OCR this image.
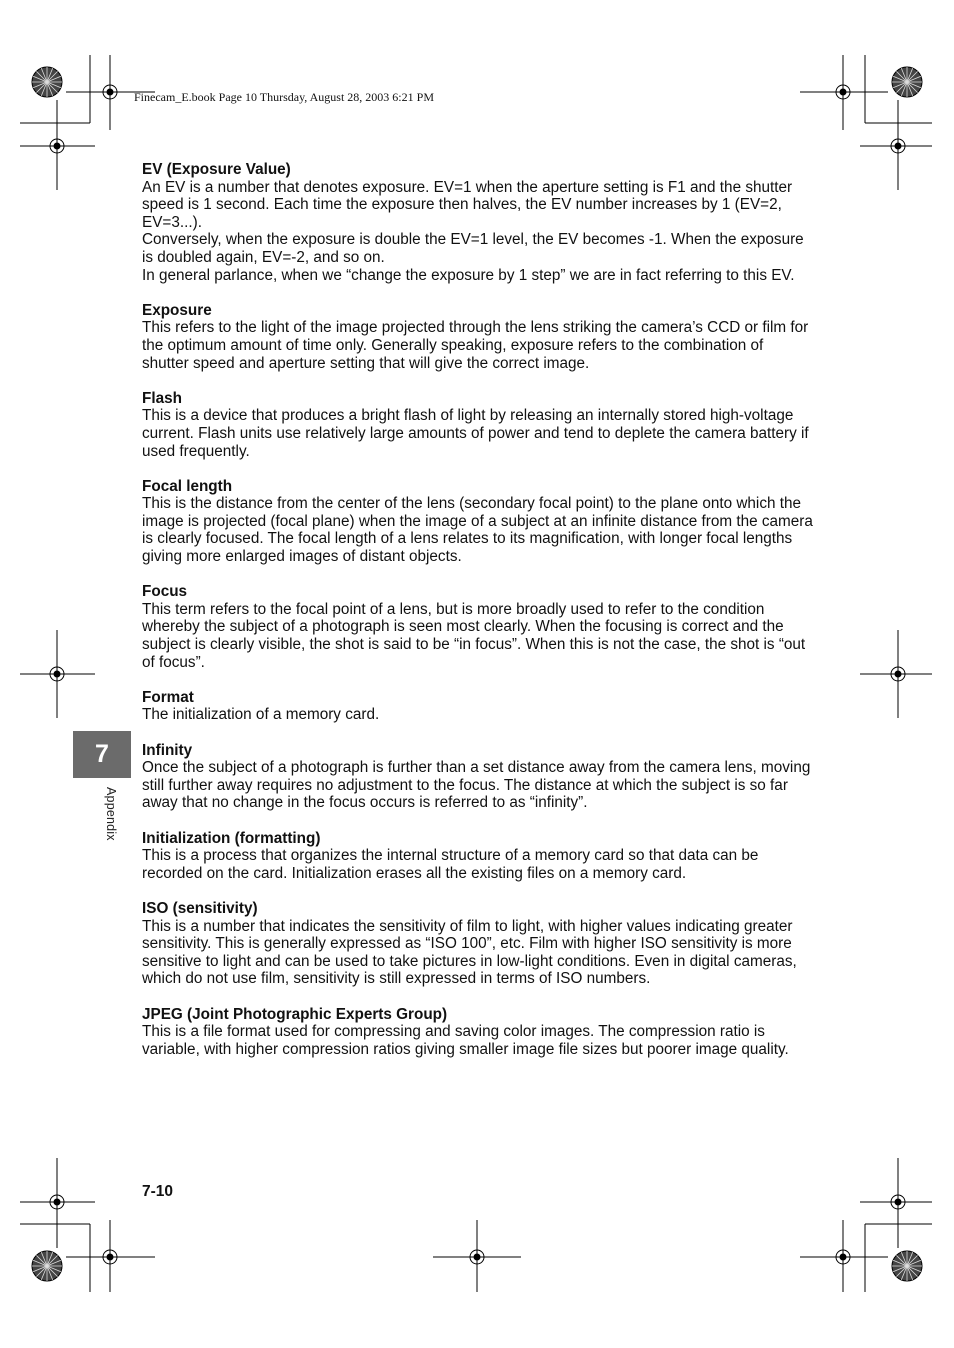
Finecam_E.book Page 10 Thursday, August 28, 2003 6:21 PM
7
Appendix
EV (Exposure Value)

An EV is a number that denotes exposure. EV=1 when the aperture setting is F1 and the shutter speed is 1 second. Each time the exposure then halves, the EV number increases by 1 (EV=2, EV=3...).

Conversely, when the exposure is double the EV=1 level, the EV becomes -1. When the exposure is doubled again, EV=-2, and so on.

In general parlance, when we “change the exposure by 1 step” we are in fact referring to this EV.

Exposure

This refers to the light of the image projected through the lens striking the camera’s CCD or film for the optimum amount of time only. Generally speaking, exposure refers to the combination of shutter speed and aperture setting that will give the correct image.

Flash

This is a device that produces a bright flash of light by releasing an internally stored high-voltage current. Flash units use relatively large amounts of power and tend to deplete the camera battery if used frequently.

Focal length

This is the distance from the center of the lens (secondary focal point) to the plane onto which the image is projected (focal plane) when the image of a subject at an infinite distance from the camera is clearly focused. The focal length of a lens relates to its magnification, with longer focal lengths giving more enlarged images of distant objects.

Focus

This term refers to the focal point of a lens, but is more broadly used to refer to the condition whereby the subject of a photograph is seen most clearly. When the focusing is correct and the subject is clearly visible, the shot is said to be “in focus”. When this is not the case, the shot is “out of focus”.

Format

The initialization of a memory card.

Infinity

Once the subject of a photograph is further than a set distance away from the camera lens, moving still further away requires no adjustment to the focus. The distance at which the subject is so far away that no change in the focus occurs is referred to as “infinity”.

Initialization (formatting)

This is a process that organizes the internal structure of a memory card so that data can be recorded on the card. Initialization erases all the existing files on a memory card.

ISO (sensitivity)

This is a number that indicates the sensitivity of film to light, with higher values indicating greater sensitivity. This is generally expressed as “ISO 100”, etc. Film with higher ISO sensitivity is more sensitive to light and can be used to take pictures in low-light conditions. Even in digital cameras, which do not use film, sensitivity is still expressed in terms of ISO numbers.

JPEG (Joint Photographic Experts Group)

This is a file format used for compressing and saving color images. The compression ratio is variable, with higher compression ratios giving smaller image file sizes but poorer image quality.

7-10
